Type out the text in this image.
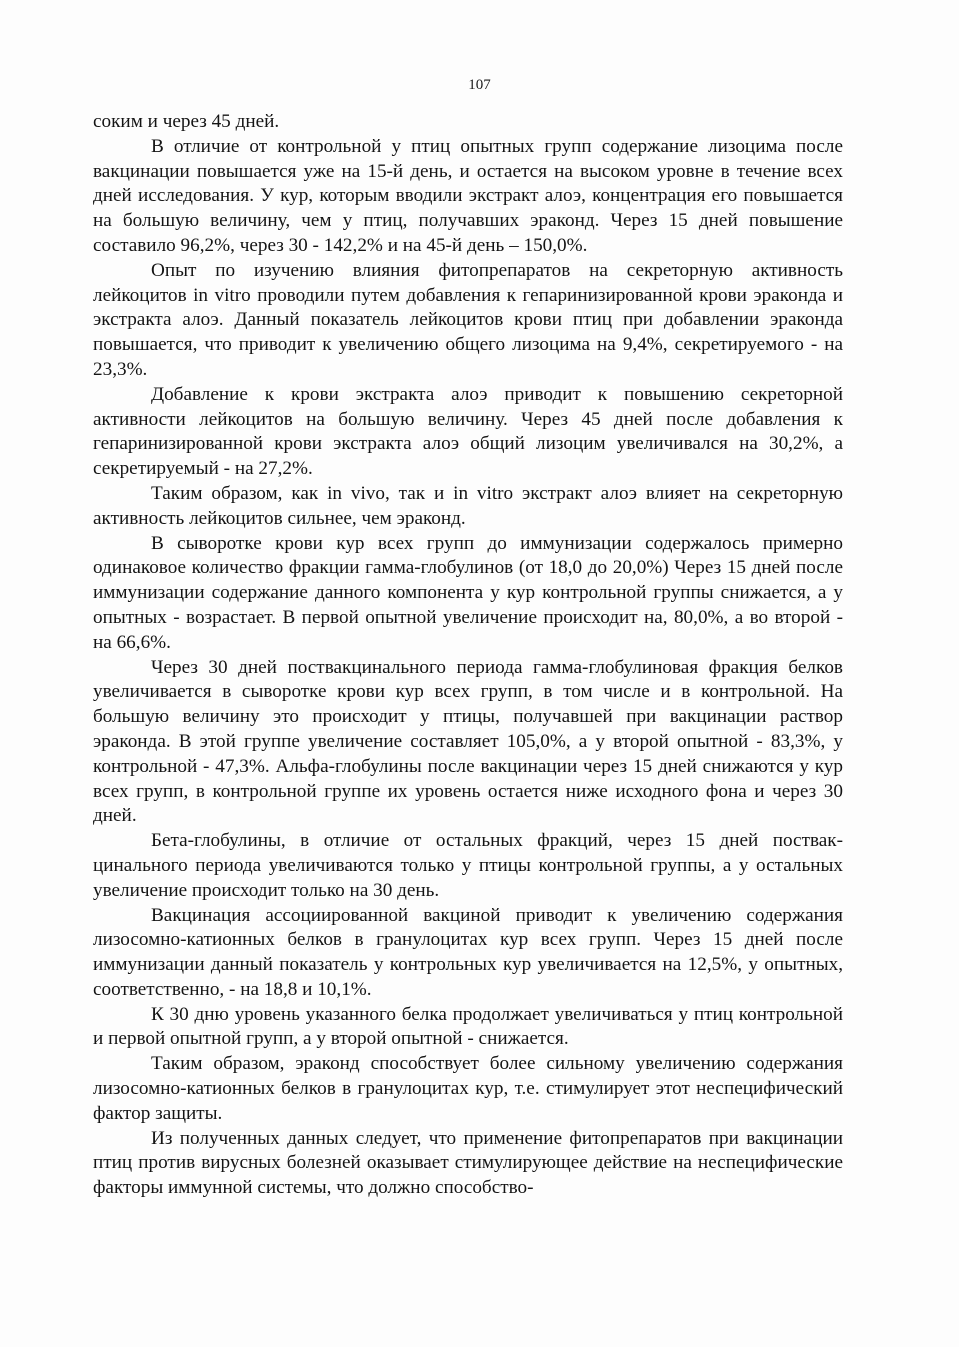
107

соким и через 45 дней.

В отличие от контрольной у птиц опытных групп содержание лизоцима после вакцинации повышается уже на 15-й день, и остается на высоком уровне в течение всех дней исследования. У кур, которым вводили экстракт алоэ, концентрация его повышается на большую величину, чем у птиц, получавших эраконд. Через 15 дней повышение составило 96,2%, через 30 - 142,2% и на 45-й день – 150,0%.

Опыт по изучению влияния фитопрепаратов на секреторную активность лейкоцитов in vitro проводили путем добавления к гепаринизированной крови эраконда и экстракта алоэ. Данный показатель лейкоцитов крови птиц при добавлении эраконда повышается, что приводит к увеличению общего лизоцима на 9,4%, секретируемого - на 23,3%.

Добавление к крови экстракта алоэ приводит к повышению секреторной активности лейкоцитов на большую величину. Через 45 дней после добавления к гепаринизированной крови экстракта алоэ общий лизоцим увеличивался на 30,2%, а секретируемый - на 27,2%.

Таким образом, как in vivo, так и in vitro экстракт алоэ влияет на секреторную активность лейкоцитов сильнее, чем эраконд.

В сыворотке крови кур всех групп до иммунизации содержалось примерно одинаковое количество фракции гамма-глобулинов (от 18,0 до 20,0%) Через 15 дней после иммунизации содержание данного компонента у кур контрольной группы снижается, а у опытных - возрастает. В первой опытной увеличение происходит на, 80,0%, а во второй - на 66,6%.

Через 30 дней поствакцинального периода гамма-глобулиновая фракция белков увеличивается в сыворотке крови кур всех групп, в том числе и в контрольной. На большую величину это происходит у птицы, получавшей при вакцинации раствор эраконда. В этой группе увеличение составляет 105,0%, а у второй опытной - 83,3%, у контрольной - 47,3%. Альфа-глобулины после вакцинации через 15 дней снижаются у кур всех групп, в контрольной группе их уровень остается ниже исходного фона и через 30 дней.

Бета-глобулины, в отличие от остальных фракций, через 15 дней поствакцинального периода увеличиваются только у птицы контрольной группы, а у остальных увеличение происходит только на 30 день.

Вакцинация ассоциированной вакциной приводит к увеличению содержания лизосомно-катионных белков в гранулоцитах кур всех групп. Через 15 дней после иммунизации данный показатель у контрольных кур увеличивается на 12,5%, у опытных, соответственно, - на 18,8 и 10,1%.

К 30 дню уровень указанного белка продолжает увеличиваться у птиц контрольной и первой опытной групп, а у второй опытной - снижается.

Таким образом, эраконд способствует более сильному увеличению содержания лизосомно-катионных белков в гранулоцитах кур, т.е. стимулирует этот неспецифический фактор защиты.

Из полученных данных следует, что применение фитопрепаратов при вакцинации птиц против вирусных болезней оказывает стимулирующее действие на неспецифические факторы иммунной системы, что должно способство-
